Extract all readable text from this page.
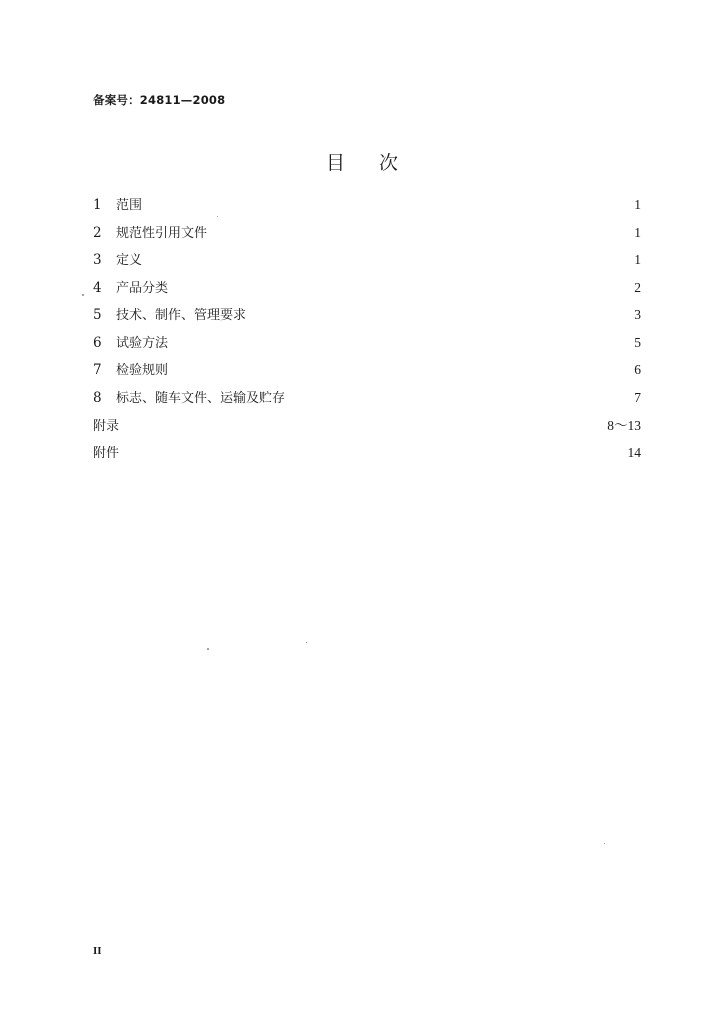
备案号：24811—2008
目 次
1	范围	1
2	规范性引用文件	1
3	定义	1
4	产品分类	2
5	技术、制作、管理要求	3
6	试验方法	5
7	检验规则	6
8	标志、随车文件、运输及贮存	7
附录	8～13
附件	14
II
